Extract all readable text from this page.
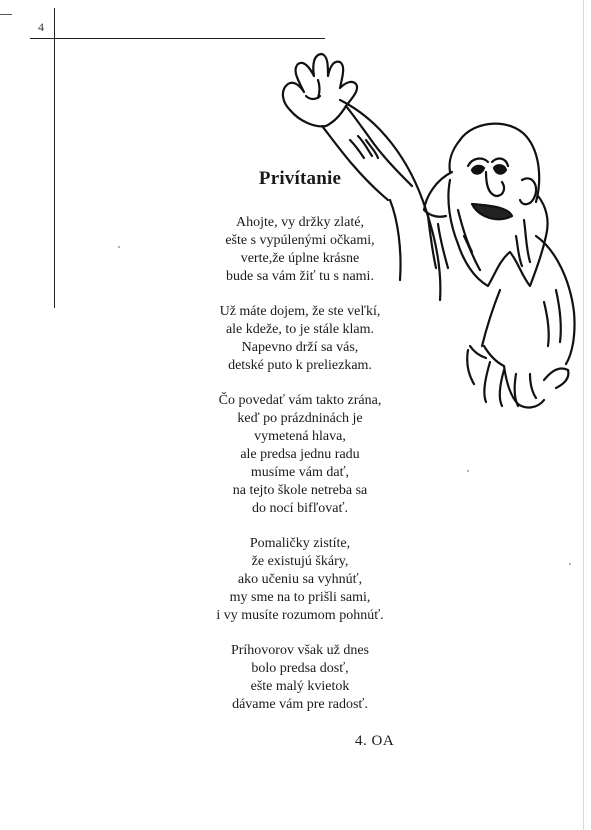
4
Privítanie
Ahojte, vy držky zlaté,
ešte s vypúlenými očkami,
verte,že úplne krásne
bude sa vám žiť tu s nami.
Už máte dojem, že ste veľkí,
ale kdeže, to je stále klam.
Napevno drží sa vás,
detské puto k preliezkam.
Čo povedať vám takto zrána,
keď po prázdninách je
vymetená hlava,
ale predsa jednu radu
musíme vám dať,
na tejto škole netreba sa
do nocí bifľovať.
Pomaličky zistíte,
že existujú škáry,
ako učeniu sa vyhnúť,
my sme na to prišli sami,
i vy musíte rozumom pohnúť.
Príhovorov však už dnes
bolo predsa dosť,
ešte malý kvietok
dávame vám pre radosť.
4. OA
